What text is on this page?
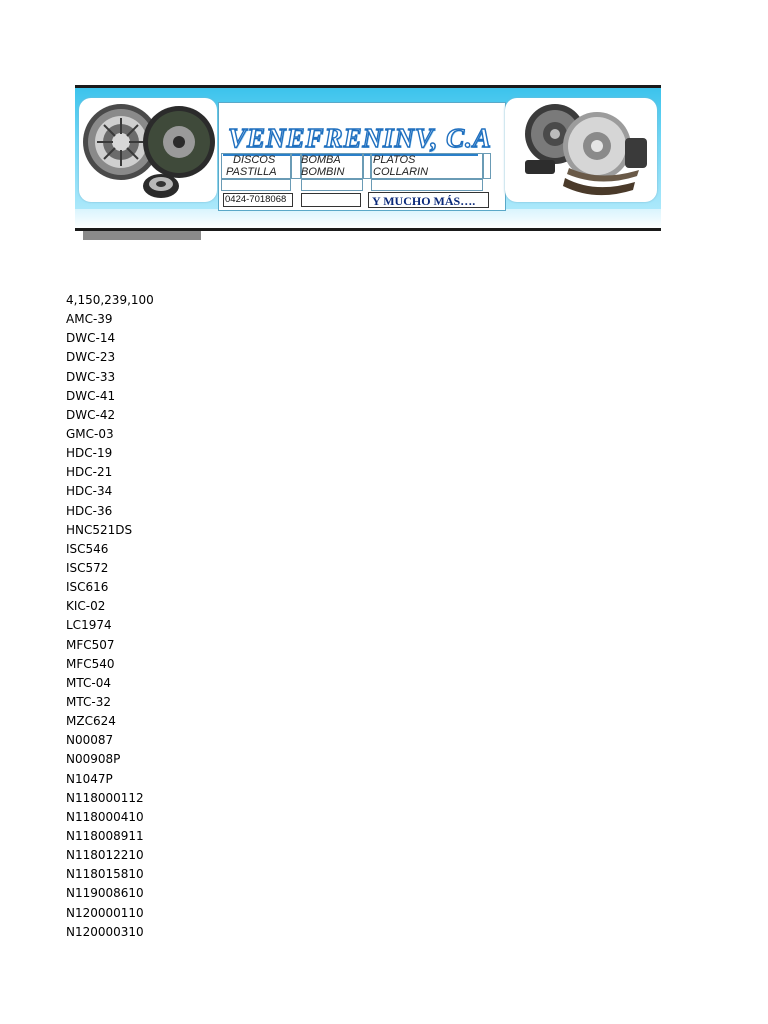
VENEFRENINV, C.A
DISCOS
PASTILLA
BOMBA
BOMBIN
PLATOS
COLLARIN
0424-7018068	Y MUCHO MÁS….
4,150,239,100
AMC-39
DWC-14
DWC-23
DWC-33
DWC-41
DWC-42
GMC-03
HDC-19
HDC-21
HDC-34
HDC-36
HNC521DS
ISC546
ISC572
ISC616
KIC-02
LC1974
MFC507
MFC540
MTC-04
MTC-32
MZC624
N00087
N00908P
N1047P
N118000112
N118000410
N118008911
N118012210
N118015810
N119008610
N120000110
N120000310
